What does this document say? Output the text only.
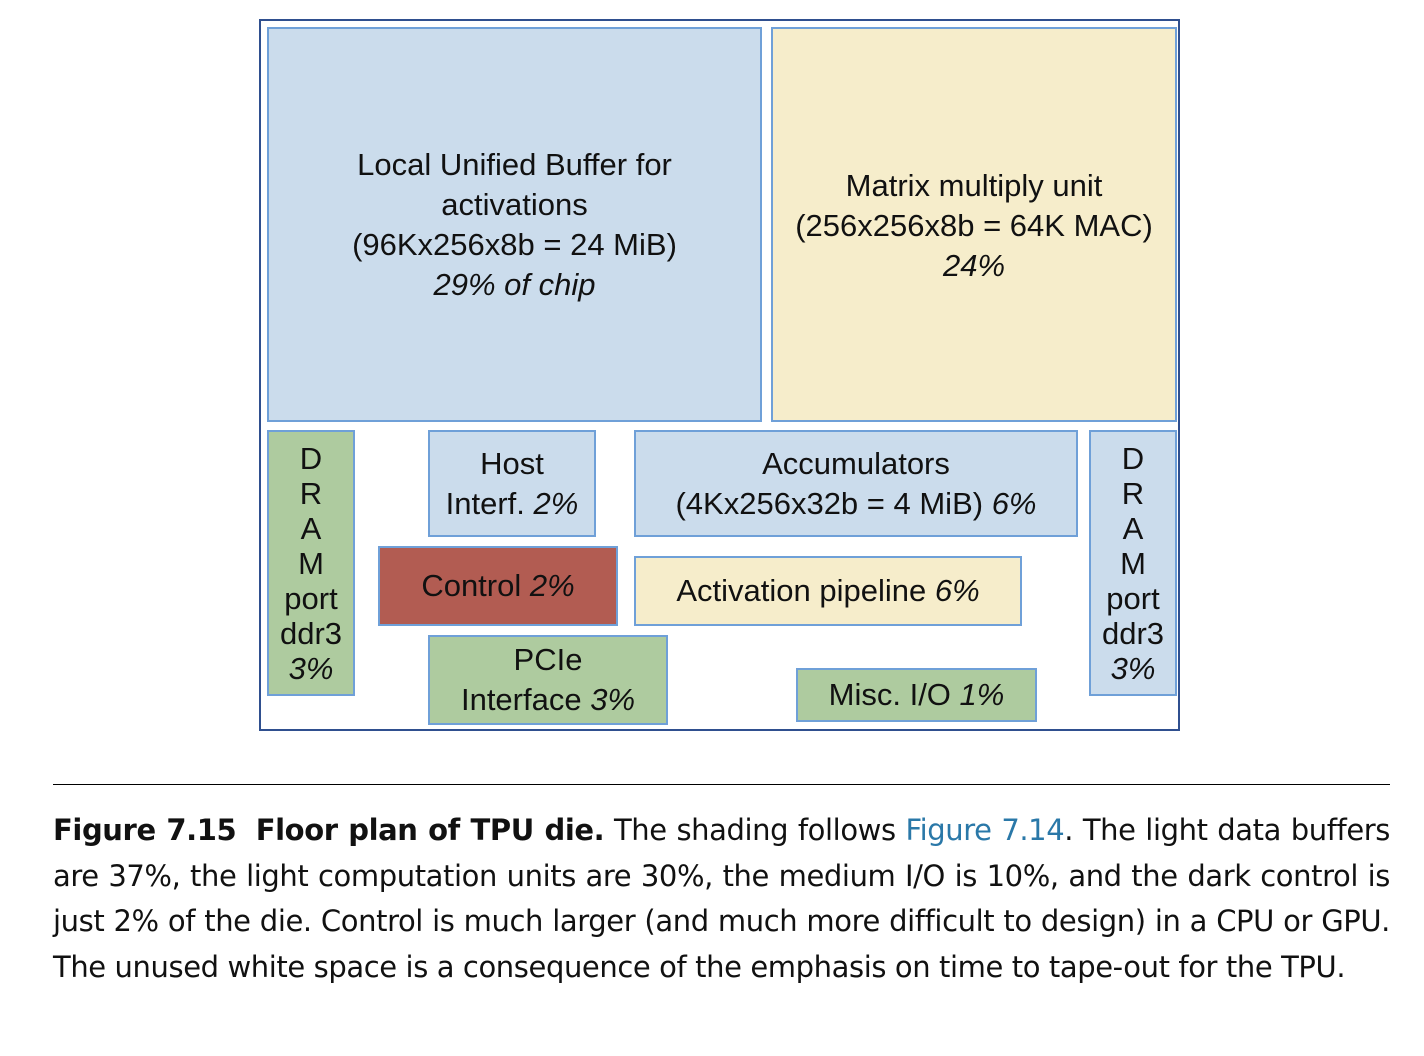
Local Unified Buffer for
activations
(96Kx256x8b = 24 MiB)
29% of chip
Matrix multiply unit
(256x256x8b = 64K MAC)
24%
D
R
A
M
port
ddr3
3%
Host
Interf. 2%
Accumulators
(4Kx256x32b = 4 MiB) 6%
D
R
A
M
port
ddr3
3%
Control 2%	Activation pipeline 6%
PCIe
Interface 3%	Misc. I/O 1%
Figure 7.15 Floor plan of TPU die. The shading follows Figure 7.14. The light data buffers are 37%, the light computation units are 30%, the medium I/O is 10%, and the dark control is just 2% of the die. Control is much larger (and much more difficult to design) in a CPU or GPU. The unused white space is a consequence of the emphasis on time to tape-out for the TPU.
